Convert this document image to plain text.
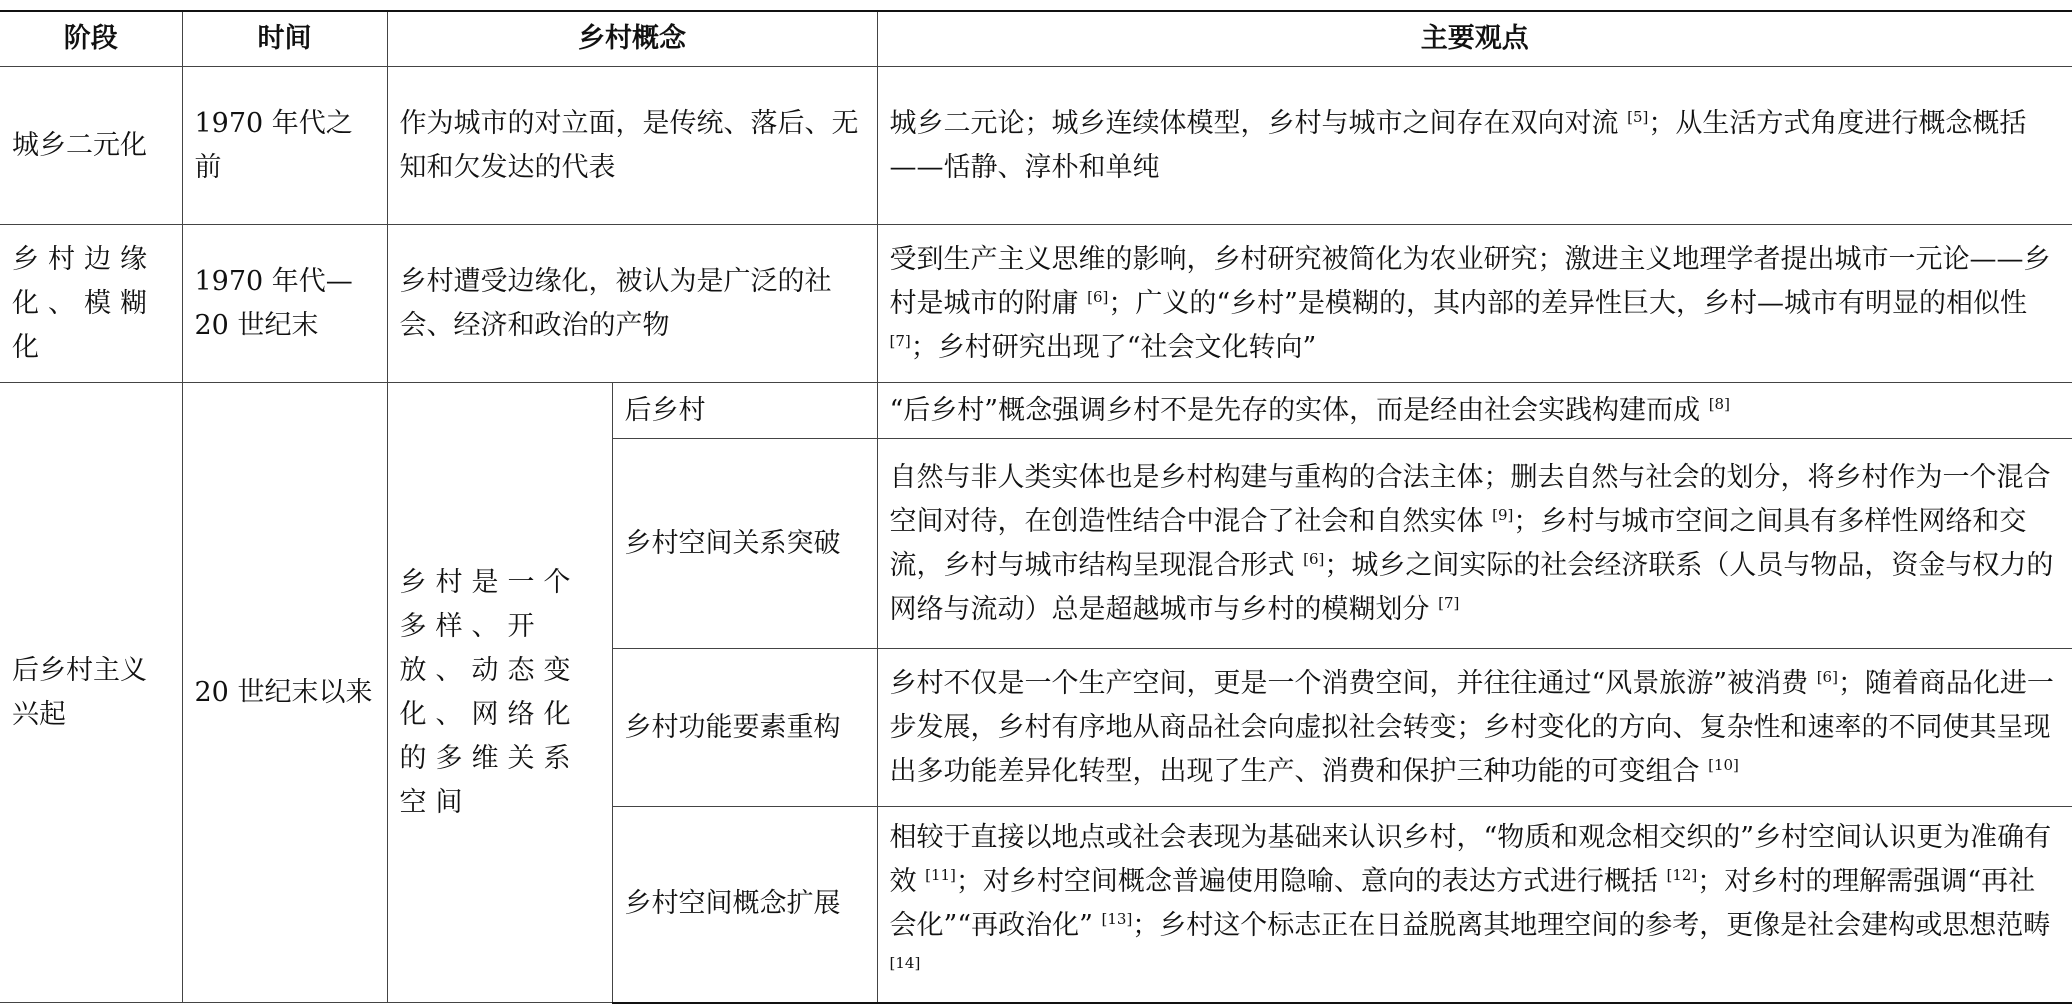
阶段	时间	乡村概念		主要观点
城乡二元化	1970 年代之前	作为城市的对立面，是传统、落后、无知和欠发达的代表		城乡二元论；城乡连续体模型，乡村与城市之间存在双向对流 [5]；从生活方式角度进行概念概括——恬静、淳朴和单纯
乡村边缘化、模糊化	1970 年代—20 世纪末	乡村遭受边缘化，被认为是广泛的社会、经济和政治的产物		受到生产主义思维的影响，乡村研究被简化为农业研究；激进主义地理学者提出城市一元论——乡村是城市的附庸 [6]；广义的“乡村”是模糊的，其内部的差异性巨大，乡村—城市有明显的相似性 [7]；乡村研究出现了“社会文化转向”
后乡村主义兴起	20 世纪末以来	乡村是一个多样、开放、动态变化、网络化的多维关系空间	后乡村	“后乡村”概念强调乡村不是先存的实体，而是经由社会实践构建而成 [8]
			乡村空间关系突破	自然与非人类实体也是乡村构建与重构的合法主体；删去自然与社会的划分，将乡村作为一个混合空间对待，在创造性结合中混合了社会和自然实体 [9]；乡村与城市空间之间具有多样性网络和交流，乡村与城市结构呈现混合形式 [6]；城乡之间实际的社会经济联系（人员与物品，资金与权力的网络与流动）总是超越城市与乡村的模糊划分 [7]
			乡村功能要素重构	乡村不仅是一个生产空间，更是一个消费空间，并往往通过“风景旅游”被消费 [6]；随着商品化进一步发展，乡村有序地从商品社会向虚拟社会转变；乡村变化的方向、复杂性和速率的不同使其呈现出多功能差异化转型，出现了生产、消费和保护三种功能的可变组合 [10]
			乡村空间概念扩展	相较于直接以地点或社会表现为基础来认识乡村，“物质和观念相交织的”乡村空间认识更为准确有效 [11]；对乡村空间概念普遍使用隐喻、意向的表达方式进行概括 [12]；对乡村的理解需强调“再社会化”“再政治化” [13]；乡村这个标志正在日益脱离其地理空间的参考，更像是社会建构或思想范畴 [14]
